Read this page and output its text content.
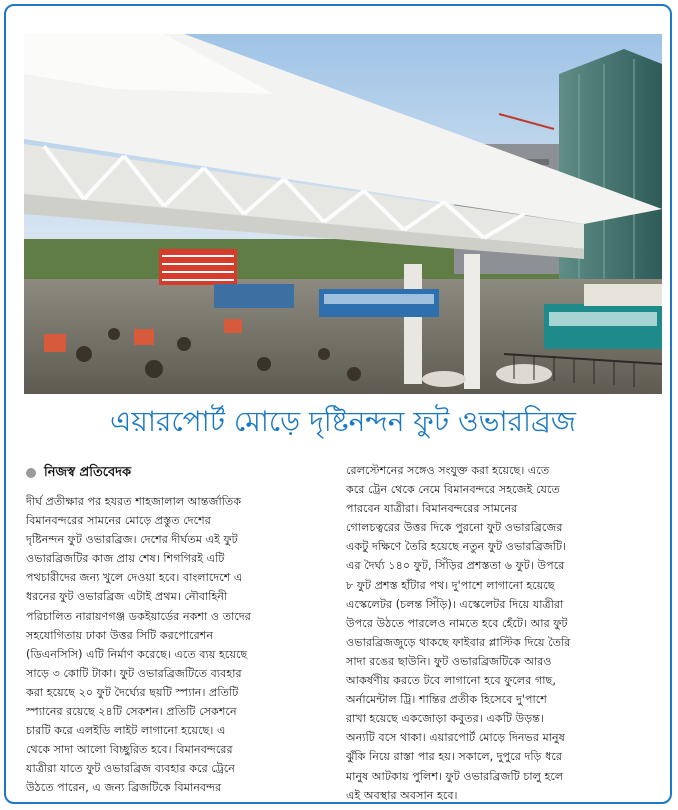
এয়ারপোর্ট মোড়ে দৃষ্টিনন্দন ফুট ওভারব্রিজ
নিজস্ব প্রতিবেদক

দীর্ঘ প্রতীক্ষার পর হযরত শাহজালাল আন্তর্জাতিক

বিমানবন্দরের সামনের মোড়ে প্রস্তুত দেশের

দৃষ্টিনন্দন ফুট ওভারব্রিজ। দেশের দীর্ঘতম এই ফুট

ওভারব্রিজটির কাজ প্রায় শেষ। শিগগিরই এটি

পথচারীদের জন্য খুলে দেওয়া হবে। বাংলাদেশে এ

ধরনের ফুট ওভারব্রিজ এটাই প্রথম। নৌবাহিনী

পরিচালিত নারায়ণগঞ্জ ডকইয়ার্ডের নকশা ও তাদের

সহযোগিতায় ঢাকা উত্তর সিটি করপোরেশন

(ডিএনসিসি) এটি নির্মাণ করেছে। এতে ব্যয় হয়েছে

সাড়ে ৩ কোটি টাকা। ফুট ওভারব্রিজটিতে ব্যবহার

করা হয়েছে ২০ ফুট দৈর্ঘ্যের ছয়টি স্প্যান। প্রতিটি

স্প্যানের রয়েছে ২৪টি সেকশন। প্রতিটি সেকশনে

চারটি করে এলইডি লাইট লাগানো হয়েছে। এ

থেকে সাদা আলো বিচ্ছুরিত হবে। বিমানবন্দরের

যাত্রীরা যাতে ফুট ওভারব্রিজ ব্যবহার করে ট্রেনে

উঠতে পারেন, এ জন্য ব্রিজটিকে বিমানবন্দর

রেলস্টেশনের সঙ্গেও সংযুক্ত করা হয়েছে। এতে

করে ট্রেন থেকে নেমে বিমানবন্দরে সহজেই যেতে

পারবেন যাত্রীরা। বিমানবন্দরের সামনের

গোলচত্বরের উত্তর দিকে পুরনো ফুট ওভারব্রিজের

একটু দক্ষিণে তৈরি হয়েছে নতুন ফুট ওভারব্রিজটি।

এর দৈর্ঘ্য ১৪০ ফুট, সিঁড়ির প্রশস্ততা ৬ ফুট। উপরে

৮ ফুট প্রশস্ত হাঁটার পথ। দু'পাশে লাগানো হয়েছে

এস্কেলেটর (চলন্ত সিঁড়ি)। এস্কেলেটর দিয়ে যাত্রীরা

উপরে উঠতে পারলেও নামতে হবে হেঁটে। আর ফুট

ওভারব্রিজজুড়ে থাকছে ফাইবার প্লাস্টিক দিয়ে তৈরি

সাদা রঙের ছাউনি। ফুট ওভারব্রিজটিকে আরও

আকর্ষণীয় করতে টবে লাগানো হবে ফুলের গাছ,

অর্নামেন্টাল ট্রি। শান্তির প্রতীক হিসেবে দু'পাশে

রাখা হয়েছে একজোড়া কবুতর। একটি উড়ন্ত।

অন্যটি বসে থাকা। এয়ারপোর্ট মোড়ে দিনভর মানুষ

ঝুঁকি নিয়ে রাস্তা পার হয়। সকালে, দুপুরে দড়ি ধরে

মানুষ আটকায় পুলিশ। ফুট ওভারব্রিজটি চালু হলে

এই অবস্থার অবসান হবে।
